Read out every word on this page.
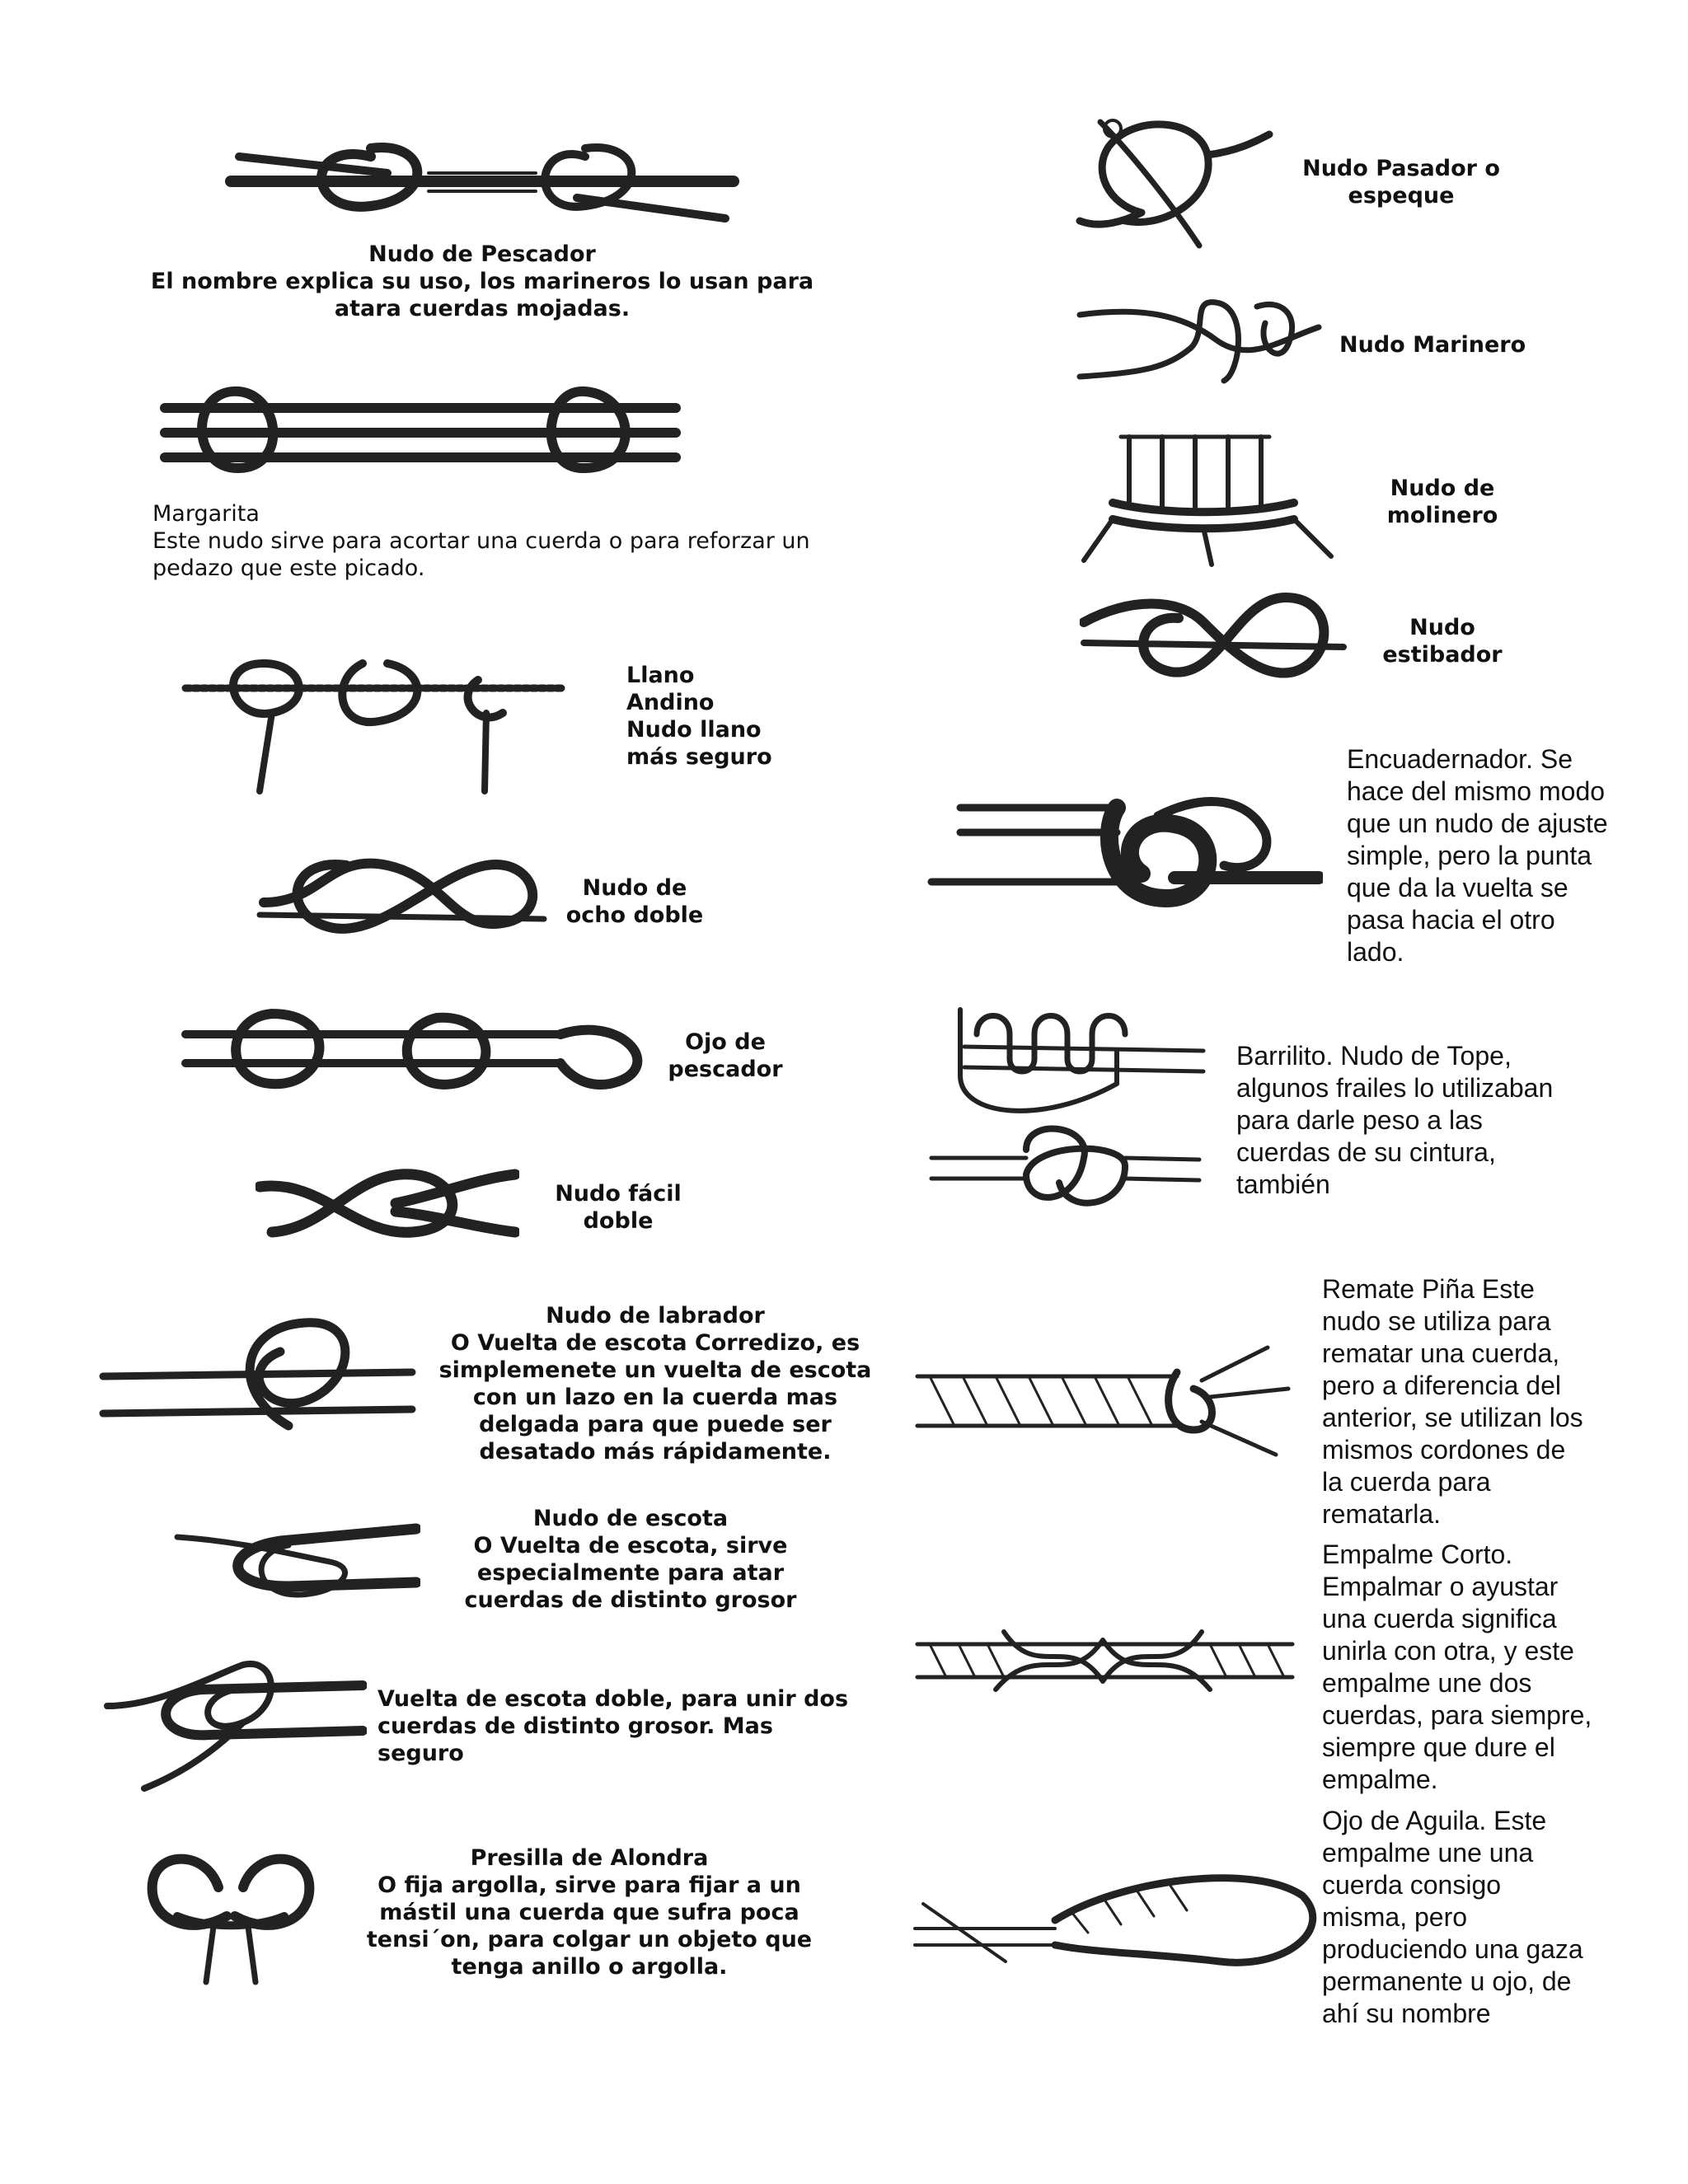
Nudo de Pescador
El nombre explica su uso, los marineros lo usan para
atara cuerdas mojadas.
Margarita
Este nudo sirve para acortar una cuerda o para reforzar un
pedazo que este picado.
Llano
Andino
Nudo llano
más seguro
Nudo de
ocho doble
Ojo de
pescador
Nudo fácil
doble
Nudo de labrador
O Vuelta de escota Corredizo, es
simplemenete un vuelta de escota
con un lazo en la cuerda mas
delgada para que puede ser
desatado más rápidamente.
Nudo de escota
O Vuelta de escota, sirve
especialmente para atar
cuerdas de distinto grosor
Vuelta de escota doble, para unir dos
cuerdas de distinto grosor. Mas
seguro
Presilla de Alondra
O fija argolla, sirve para fijar a un
mástil una cuerda que sufra poca
tensi´on, para colgar un objeto que
tenga anillo o argolla.
Nudo Pasador o
espeque
Nudo Marinero
Nudo de
molinero
Nudo
estibador
Encuadernador. Se
hace del mismo modo
que un nudo de ajuste
simple, pero la punta
que da la vuelta se
pasa hacia el otro
lado.
Barrilito. Nudo de Tope,
algunos frailes lo utilizaban
para darle peso a las
cuerdas de su cintura,
también
Remate Piña Este
nudo se utiliza para
rematar una cuerda,
pero a diferencia del
anterior, se utilizan los
mismos cordones de
la cuerda para
rematarla.
Empalme Corto.
Empalmar o ayustar
una cuerda significa
unirla con otra, y este
empalme une dos
cuerdas, para siempre,
siempre que dure el
empalme.
Ojo de Aguila. Este
empalme une una
cuerda consigo
misma, pero
produciendo una gaza
permanente u ojo, de
ahí su nombre
